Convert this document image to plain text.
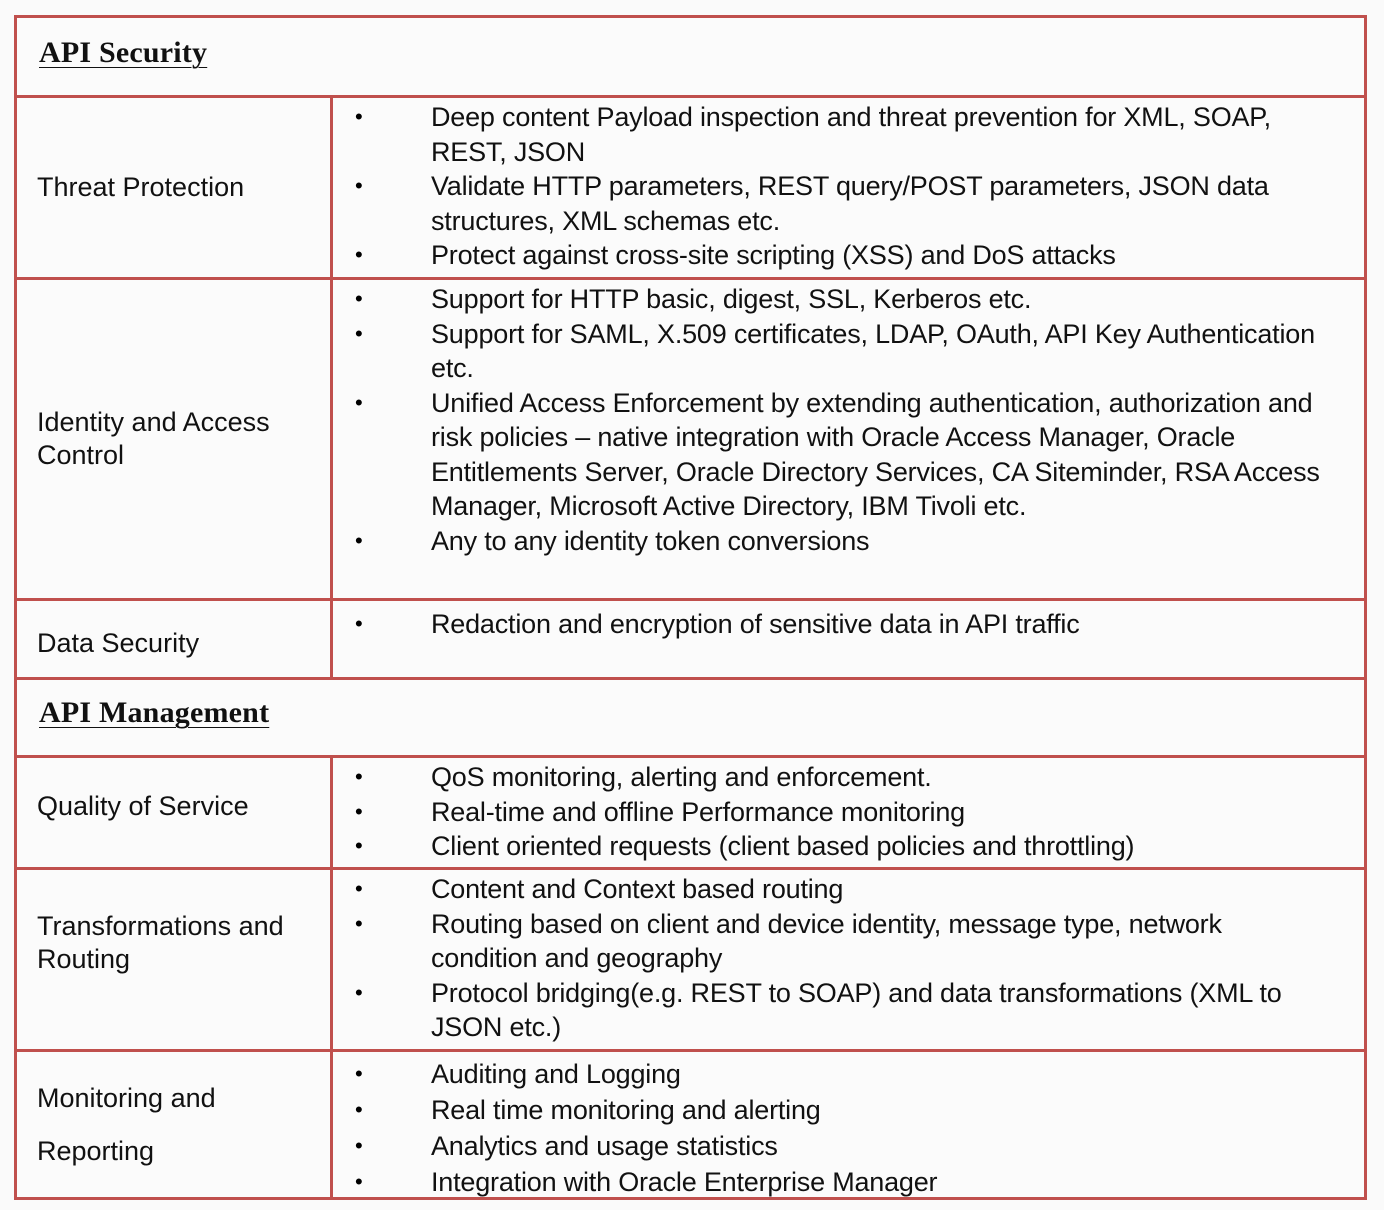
API Security
Threat Protection
•	Deep content Payload inspection and threat prevention for XML, SOAP, REST, JSON
•	Validate HTTP parameters, REST query/POST parameters, JSON data structures, XML schemas etc.
•	Protect against cross-site scripting (XSS) and DoS attacks
Identity and Access Control
•	Support for HTTP basic, digest, SSL, Kerberos etc.
•	Support for SAML, X.509 certificates, LDAP, OAuth, API Key Authentication etc.
•	Unified Access Enforcement by extending authentication, authorization and risk policies – native integration with Oracle Access Manager, Oracle Entitlements Server, Oracle Directory Services, CA Siteminder, RSA Access Manager, Microsoft Active Directory, IBM Tivoli etc.
•	Any to any identity token conversions
Data Security
•	Redaction and encryption of sensitive data in API traffic
API Management
Quality of Service
•	QoS monitoring, alerting and enforcement.
•	Real-time and offline Performance monitoring
•	Client oriented requests (client based policies and throttling)
Transformations and Routing
•	Content and Context based routing
•	Routing based on client and device identity, message type, network condition and geography
•	Protocol bridging(e.g. REST to SOAP) and data transformations (XML to JSON etc.)
Monitoring and Reporting
•	Auditing and Logging
•	Real time monitoring and alerting
•	Analytics and usage statistics
•	Integration with Oracle Enterprise Manager
